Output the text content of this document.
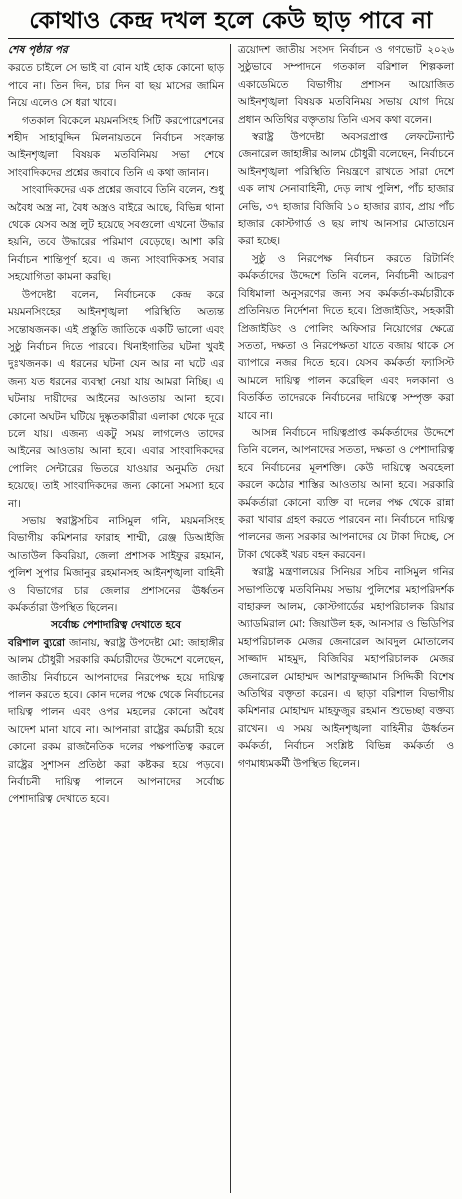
কোথাও কেন্দ্র দখল হলে কেউ ছাড় পাবে না
শেষ পৃষ্ঠার পর

করতে চাইলে সে ভাই বা বোন যাই হোক কোনো ছাড় পাবে না। তিন দিন, চার দিন বা ছয় মাসের জামিন নিয়ে এলেও সে ধরা খাবে।

গতকাল বিকেলে ময়মনসিংহ সিটি করপোরেশনের শহীদ সাহাবুদ্দিন মিলনায়তনে নির্বাচন সংক্রান্ত আইনশৃঙ্খলা বিষয়ক মতবিনিময় সভা শেষে সাংবাদিকদের প্রশ্নের জবাবে তিনি এ কথা জানান।

সাংবাদিকদের এক প্রশ্নের জবাবে তিনি বলেন, শুধু অবৈধ অস্ত্র না, বৈধ অস্ত্রও বাইরে আছে, বিভিন্ন থানা থেকে যেসব অস্ত্র লুট হয়েছে সবগুলো এখনো উদ্ধার হয়নি, তবে উদ্ধারের পরিমাণ বেড়েছে। আশা করি নির্বাচন শান্তিপূর্ণ হবে। এ জন্য সাংবাদিকসহ সবার সহযোগিতা কামনা করছি।

উপদেষ্টা বলেন, নির্বাচনকে কেন্দ্র করে ময়মনসিংহের আইনশৃঙ্খলা পরিস্থিতি অত্যন্ত সন্তোষজনক। এই প্রস্তুতি জাতিকে একটি ভালো এবং সুষ্ঠু নির্বাচন দিতে পারবে। খিনাইগাতির ঘটনা খুবই দুঃখজনক। এ ধরনের ঘটনা যেন আর না ঘটে এর জন্য যত ধরনের ব্যবস্থা নেয়া যায় আমরা নিচ্ছি। এ ঘটনায় দায়ীদের আইনের আওতায় আনা হবে। কোনো অঘটন ঘটিয়ে দুষ্কৃতকারীরা এলাকা থেকে দূরে চলে যায়। এজন্য একটু সময় লাগলেও তাদের আইনের আওতায় আনা হবে। এবার সাংবাদিকদের পোলিং সেন্টারের ভিতরে যাওয়ার অনুমতি দেয়া হয়েছে। তাই সাংবাদিকদের জন্য কোনো সমস্যা হবে না।

সভায় স্বরাষ্ট্রসচিব নাসিমুল গনি, ময়মনসিংহ বিভাগীয় কমিশনার ফারাহ শাম্মী, রেঞ্জ ডিআইজি আতাউল কিবরিয়া, জেলা প্রশাসক সাইফুর রহমান, পুলিশ সুপার মিজানুর রহমানসহ আইনশৃঙ্খলা বাহিনী ও বিভাগের চার জেলার প্রশাসনের ঊর্ধ্বতন কর্মকর্তারা উপস্থিত ছিলেন।

সর্বোচ্চ পেশাদারিত্ব দেখাতে হবে

বরিশাল ব্যুরো জানায়, স্বরাষ্ট্র উপদেষ্টা মো: জাহাঙ্গীর আলম চৌধুরী সরকারি কর্মচারীদের উদ্দেশে বলেছেন, জাতীয় নির্বাচনে আপনাদের নিরপেক্ষ হয়ে দায়িত্ব পালন করতে হবে। কোন দলের পক্ষে থেকে নির্বাচনের দায়িত্ব পালন এবং ওপর মহলের কোনো অবৈধ আদেশ মানা যাবে না। আপনারা রাষ্ট্রের কর্মচারী হয়ে কোনো রকম রাজনৈতিক দলের পক্ষপাতিত্ব করলে রাষ্ট্রের সুশাসন প্রতিষ্ঠা করা কষ্টকর হয়ে পড়বে। নির্বাচনী দায়িত্ব পালনে আপনাদের সর্বোচ্চ পেশাদারিত্ব দেখাতে হবে।

ত্রয়োদশ জাতীয় সংসদ নির্বাচন ও গণভোট ২০২৬ সুষ্ঠুভাবে সম্পাদনে গতকাল বরিশাল শিল্পকলা একাডেমিতে বিভাগীয় প্রশাসন আয়োজিত আইনশৃঙ্খলা বিষয়ক মতবিনিময় সভায় যোগ দিয়ে প্রধান অতিথির বক্তৃতায় তিনি এসব কথা বলেন।

স্বরাষ্ট্র উপদেষ্টা অবসরপ্রাপ্ত লেফটেন্যান্ট জেনারেল জাহাঙ্গীর আলম চৌধুরী বলেছেন, নির্বাচনে আইনশৃঙ্খলা পরিস্থিতি নিয়ন্ত্রণে রাখতে সারা দেশে এক লাখ সেনাবাহিনী, দেড় লাখ পুলিশ, পাঁচ হাজার নেভি, ৩৭ হাজার বিজিবি ১০ হাজার র‌্যাব, প্রায় পাঁচ হাজার কোস্টগার্ড ও ছয় লাখ আনসার মোতায়েন করা হচ্ছে।

সুষ্ঠু ও নিরপেক্ষ নির্বাচন করতে রিটার্নিং কর্মকর্তাদের উদ্দেশে তিনি বলেন, নির্বাচনী আচরণ বিধিমালা অনুসরণের জন্য সব কর্মকর্তা-কর্মচারীকে প্রতিনিয়ত নির্দেশনা দিতে হবে। প্রিজাইডিং, সহকারী প্রিজাইডিং ও পোলিং অফিসার নিয়োগের ক্ষেত্রে সততা, দক্ষতা ও নিরপেক্ষতা যাতে বজায় থাকে সে ব্যাপারে নজর দিতে হবে। যেসব কর্মকর্তা ফ্যাসিস্ট আমলে দায়িত্ব পালন করেছিল এবং দলকানা ও বিতর্কিত তাদেরকে নির্বাচনের দায়িত্বে সম্পৃক্ত করা যাবে না।

আসন্ন নির্বাচনে দায়িত্বপ্রাপ্ত কর্মকর্তাদের উদ্দেশে তিনি বলেন, আপনাদের সততা, দক্ষতা ও পেশাদারিত্ব হবে নির্বাচনের মূলশক্তি। কেউ দায়িত্বে অবহেলা করলে কঠোর শাস্তির আওতায় আনা হবে। সরকারি কর্মকর্তারা কোনো ব্যক্তি বা দলের পক্ষ থেকে রান্না করা খাবার গ্রহণ করতে পারবেন না। নির্বাচনে দায়িত্ব পালনের জন্য সরকার আপনাদের যে টাকা দিচ্ছে, সে টাকা থেকেই খরচ বহন করবেন।

স্বরাষ্ট্র মন্ত্রণালয়ের সিনিয়র সচিব নাসিমুল গনির সভাপতিত্বে মতবিনিময় সভায় পুলিশের মহাপরিদর্শক বাহারুল আলম, কোস্টগার্ডের মহাপরিচালক রিয়ার অ্যাডমিরাল মো: জিয়াউল হক, আনসার ও ভিডিপির মহাপরিচালক মেজর জেনারেল আবদুল মোতালেব সাজ্জাদ মাহমুদ, বিজিবির মহাপরিচালক মেজর জেনারেল মোহাম্মদ আশরাফুজ্জামান সিদ্দিকী বিশেষ অতিথির বক্তৃতা করেন। এ ছাড়া বরিশাল বিভাগীয় কমিশনার মোহাম্মদ মাহফুজুর রহমান শুভেচ্ছা বক্তব্য রাখেন। এ সময় আইনশৃঙ্খলা বাহিনীর ঊর্ধ্বতন কর্মকর্তা, নির্বাচন সংশ্লিষ্ট বিভিন্ন কর্মকর্তা ও গণমাধ্যমকর্মী উপস্থিত ছিলেন।
